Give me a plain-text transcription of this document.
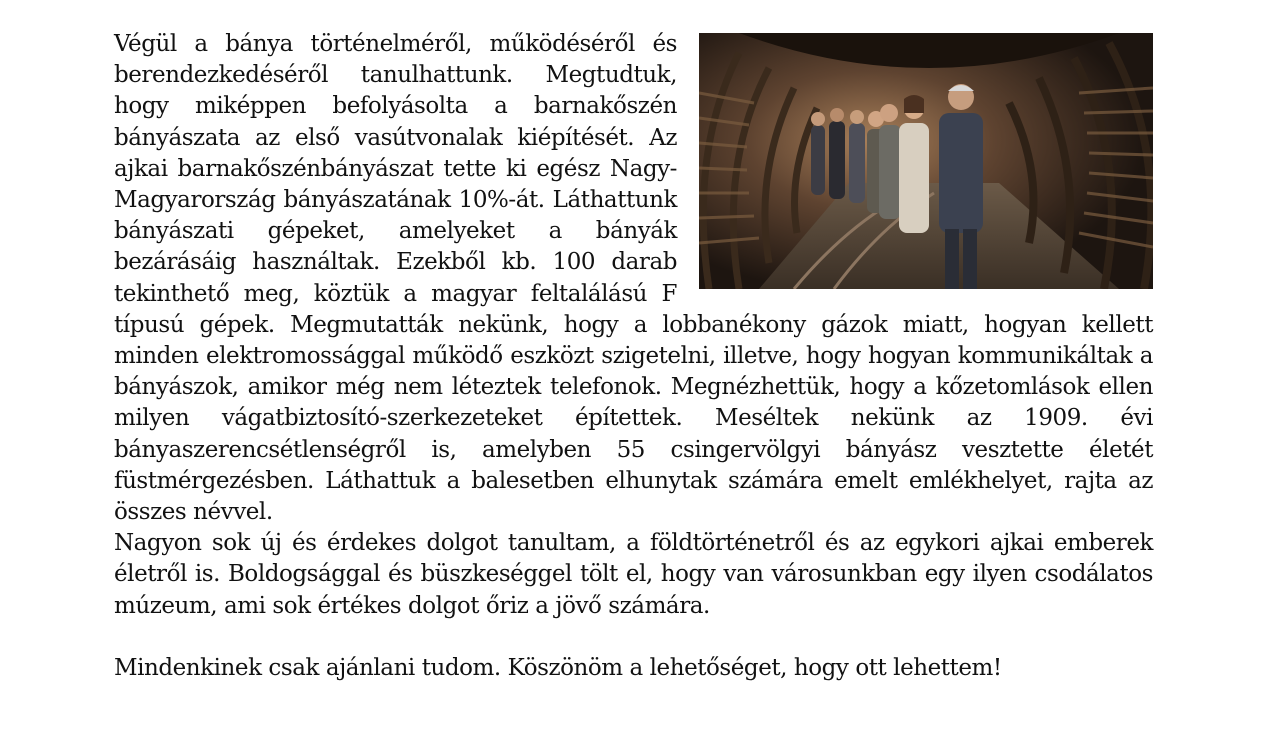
Végül a bánya történelméről, működéséről és berendezkedéséről tanulhattunk. Megtudtuk, hogy miképpen befolyásolta a barnakőszén bányászata az első vasútvonalak kiépítését. Az ajkai barnakőszénbányászat tette ki egész Nagy-Magyarország bányászatának 10%-át. Láthattunk bányászati gépeket, amelyeket a bányák bezárásáig használtak. Ezekből kb. 100 darab tekinthető meg, köztük a magyar feltalálású F típusú gépek. Megmutatták nekünk, hogy a lobbanékony gázok miatt, hogyan kellett minden elektromossággal működő eszközt szigetelni, illetve, hogy hogyan kommunikáltak a bányászok, amikor még nem léteztek telefonok. Megnézhettük, hogy a kőzetomlások ellen milyen vágatbiztosító-szerkezeteket építettek. Meséltek nekünk az 1909. évi bányaszerencsétlenségről is, amelyben 55 csingervölgyi bányász vesztette életét füstmérgezésben. Láthattuk a balesetben elhunytak számára emelt emlékhelyet, rajta az összes névvel.

Nagyon sok új és érdekes dolgot tanultam, a földtörténetről és az egykori ajkai emberek életről is. Boldogsággal és büszkeséggel tölt el, hogy van városunkban egy ilyen csodálatos múzeum, ami sok értékes dolgot őriz a jövő számára.

Mindenkinek csak ajánlani tudom. Köszönöm a lehetőséget, hogy ott lehettem!
